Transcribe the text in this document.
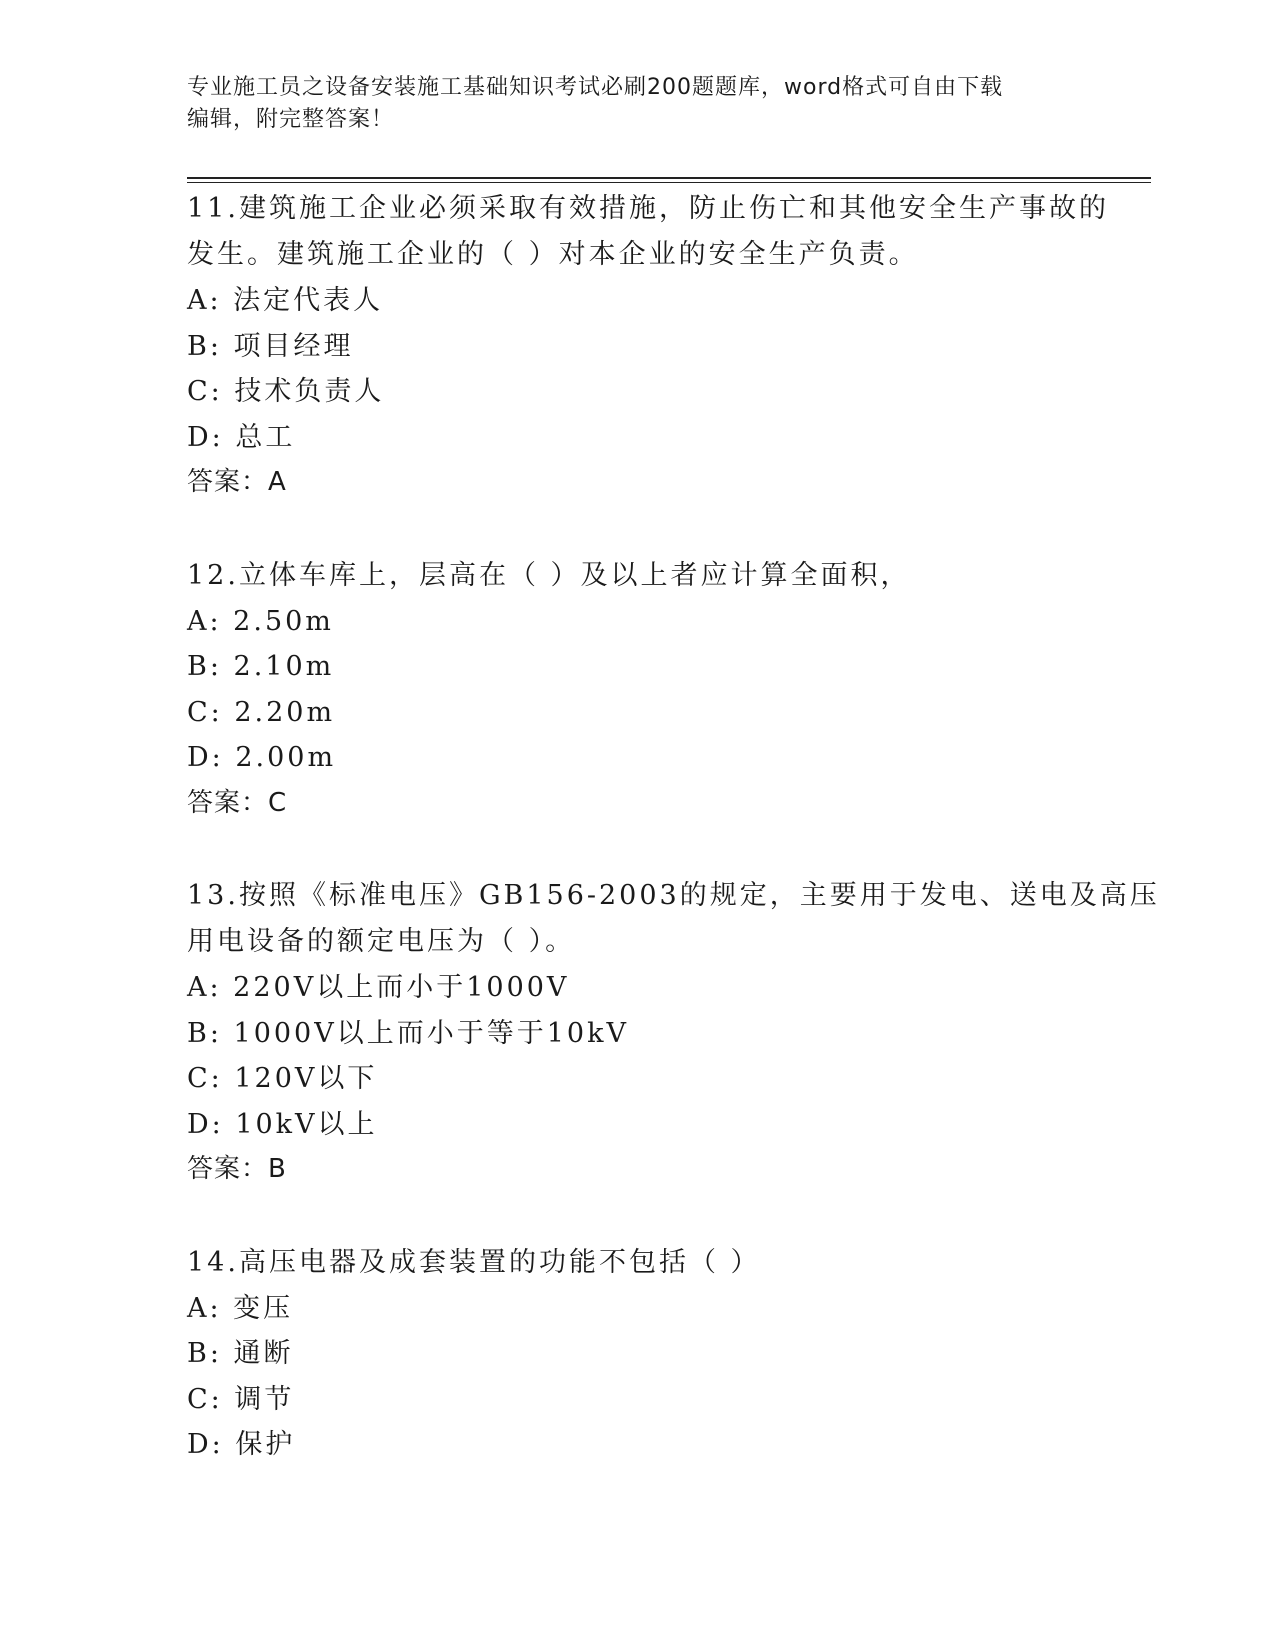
专业施工员之设备安装施工基础知识考试必刷200题题库，word格式可自由下载
编辑，附完整答案！
11.建筑施工企业必须采取有效措施，防止伤亡和其他安全生产事故的
发生。建筑施工企业的（ ）对本企业的安全生产负责。
A: 法定代表人
B: 项目经理
C: 技术负责人
D: 总工
答案：A
12.立体车库上，层高在（ ）及以上者应计算全面积，
A: 2.50m
B: 2.10m
C: 2.20m
D: 2.00m
答案：C
13.按照《标准电压》GB156-2003的规定，主要用于发电、送电及高压
用电设备的额定电压为（ ）。
A: 220V以上而小于1000V
B: 1000V以上而小于等于10kV
C: 120V以下
D: 10kV以上
答案：B
14.高压电器及成套装置的功能不包括（ ）
A: 变压
B: 通断
C: 调节
D: 保护
